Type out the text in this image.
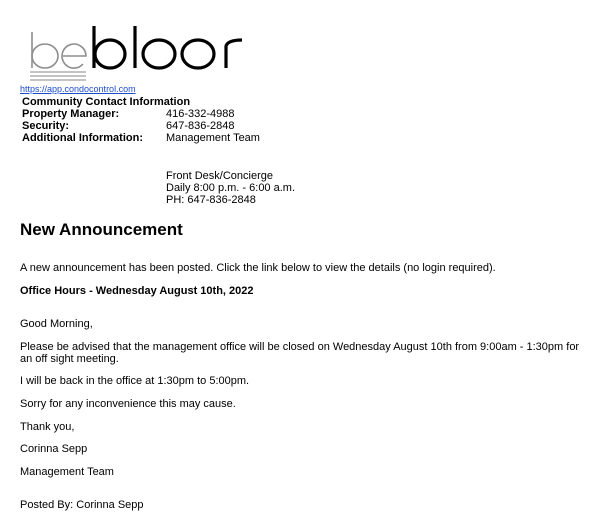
https://app.condocontrol.com
Community Contact Information
Property Manager:	416-332-4988
Security:	647-836-2848
Additional Information:	Management Team
Front Desk/Concierge
Daily 8:00 p.m. - 6:00 a.m.
PH: 647-836-2848
New Announcement

A new announcement has been posted. Click the link below to view the details (no login required).

Office Hours - Wednesday August 10th, 2022

Good Morning,

Please be advised that the management office will be closed on Wednesday August 10th from 9:00am - 1:30pm for an off sight meeting.

I will be back in the office at 1:30pm to 5:00pm.

Sorry for any inconvenience this may cause.

Thank you,

Corinna Sepp

Management Team

Posted By: Corinna Sepp
